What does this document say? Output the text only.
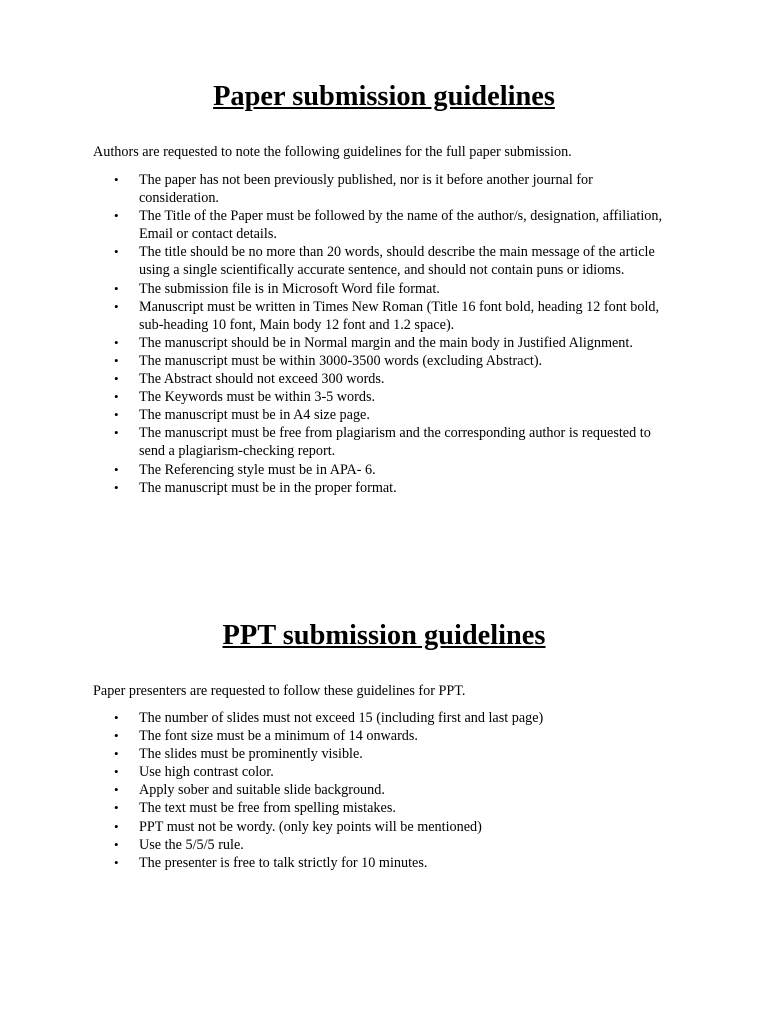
Paper submission guidelines

Authors are requested to note the following guidelines for the full paper submission.

• The paper has not been previously published, nor is it before another journal for consideration.
• The Title of the Paper must be followed by the name of the author/s, designation, affiliation, Email or contact details.
• The title should be no more than 20 words, should describe the main message of the article using a single scientifically accurate sentence, and should not contain puns or idioms.
• The submission file is in Microsoft Word file format.
• Manuscript must be written in Times New Roman (Title 16 font bold, heading 12 font bold, sub-heading 10 font, Main body 12 font and 1.2 space).
• The manuscript should be in Normal margin and the main body in Justified Alignment.
• The manuscript must be within 3000-3500 words (excluding Abstract).
• The Abstract should not exceed 300 words.
• The Keywords must be within 3-5 words.
• The manuscript must be in A4 size page.
• The manuscript must be free from plagiarism and the corresponding author is requested to send a plagiarism-checking report.
• The Referencing style must be in APA- 6.
• The manuscript must be in the proper format.
PPT submission guidelines

Paper presenters are requested to follow these guidelines for PPT.

• The number of slides must not exceed 15 (including first and last page)
• The font size must be a minimum of 14 onwards.
• The slides must be prominently visible.
• Use high contrast color.
• Apply sober and suitable slide background.
• The text must be free from spelling mistakes.
• PPT must not be wordy. (only key points will be mentioned)
• Use the 5/5/5 rule.
• The presenter is free to talk strictly for 10 minutes.
